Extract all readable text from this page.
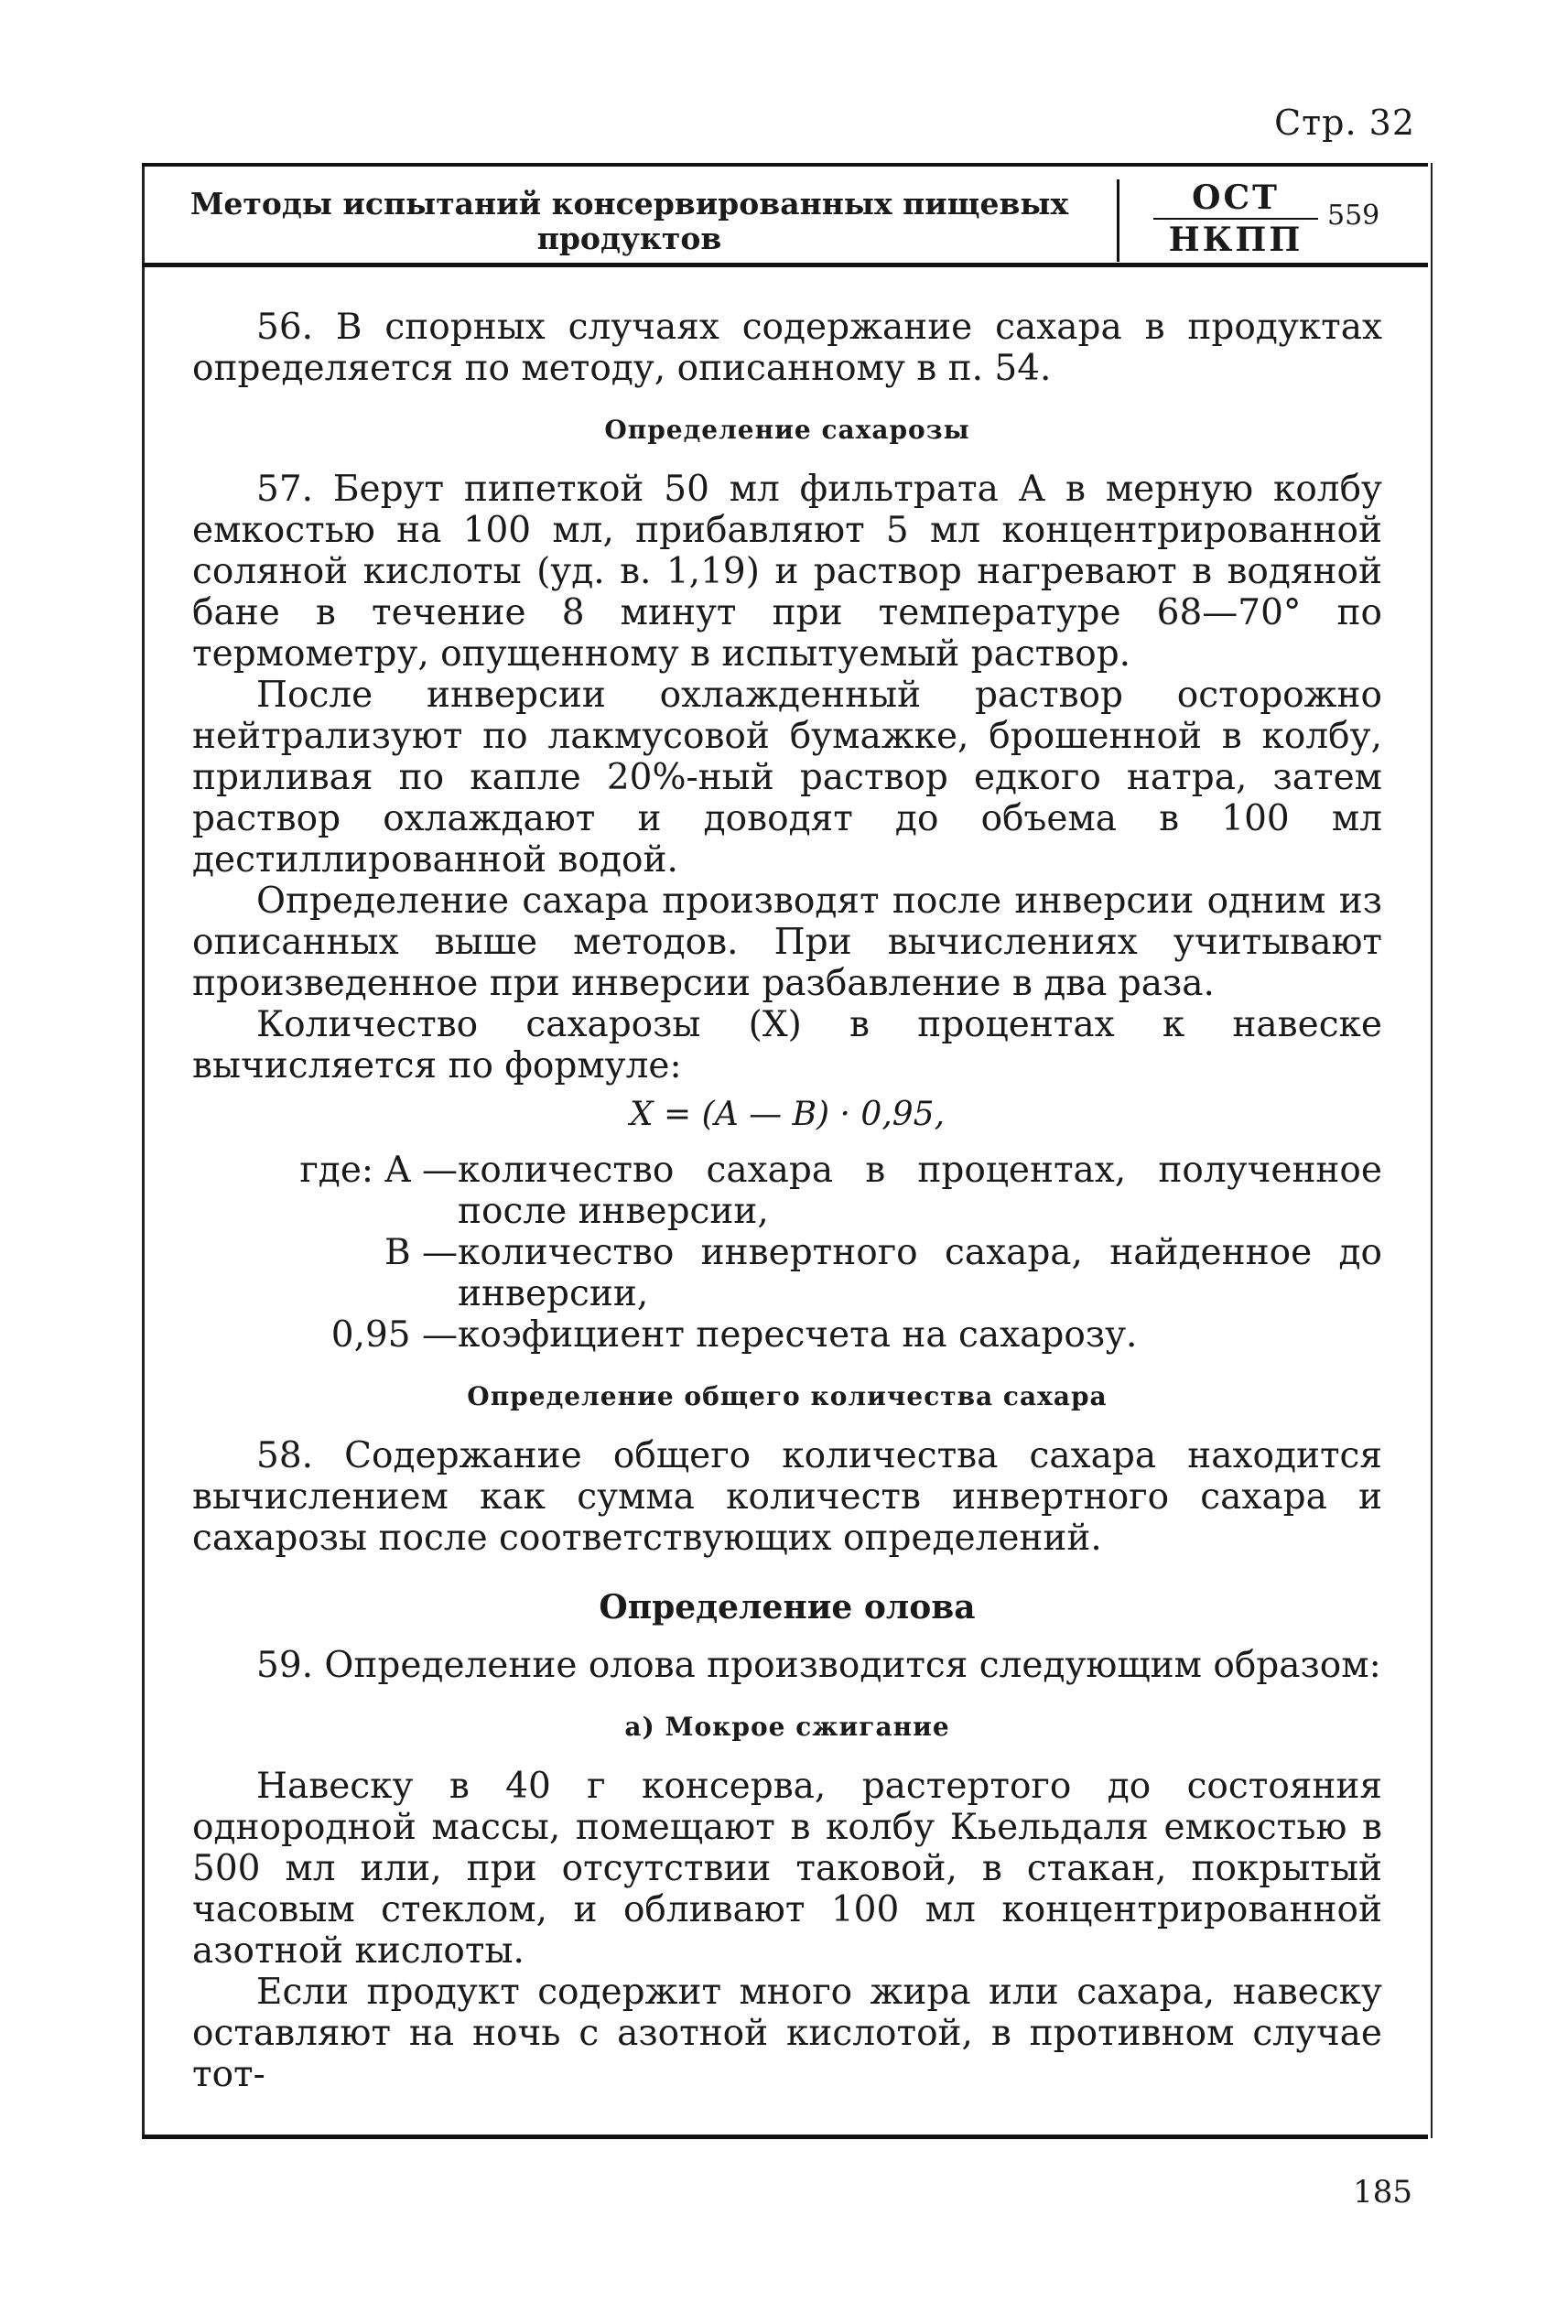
Стр. 32
Методы испытаний консервированных пищевых продуктов
ОСТ
НКПП
559

56. В спорных случаях содержание сахара в продуктах определяется по методу, описанному в п. 54.

Определение сахарозы

57. Берут пипеткой 50 мл фильтрата А в мерную колбу емкостью на 100 мл, прибавляют 5 мл концентрированной соляной кислоты (уд. в. 1,19) и раствор нагревают в водяной бане в течение 8 минут при температуре 68—70° по термометру, опущенному в испытуемый раствор.

После инверсии охлажденный раствор осторожно нейтрализуют по лакмусовой бумажке, брошенной в колбу, приливая по капле 20%-ный раствор едкого натра, затем раствор охлаждают и доводят до объема в 100 мл дестиллированной водой.

Определение сахара производят после инверсии одним из описанных выше методов. При вычислениях учитывают произведенное при инверсии разбавление в два раза.

Количество сахарозы (X) в процентах к навеске вычисляется по формуле:

X = (A — B) · 0,95,
где: A — количество сахара в процентах, полученное после инверсии,
B — количество инвертного сахара, найденное до инверсии,
0,95 — коэфициент пересчета на сахарозу.
Определение общего количества сахара

58. Содержание общего количества сахара находится вычислением как сумма количеств инвертного сахара и сахарозы после соответствующих определений.

Определение олова

59. Определение олова производится следующим образом:

а) Мокрое сжигание

Навеску в 40 г консерва, растертого до состояния однородной массы, помещают в колбу Кьельдаля емкостью в 500 мл или, при отсутствии таковой, в стакан, покрытый часовым стеклом, и обливают 100 мл концентрированной азотной кислоты.

Если продукт содержит много жира или сахара, навеску оставляют на ночь с азотной кислотой, в противном случае тот-

185
